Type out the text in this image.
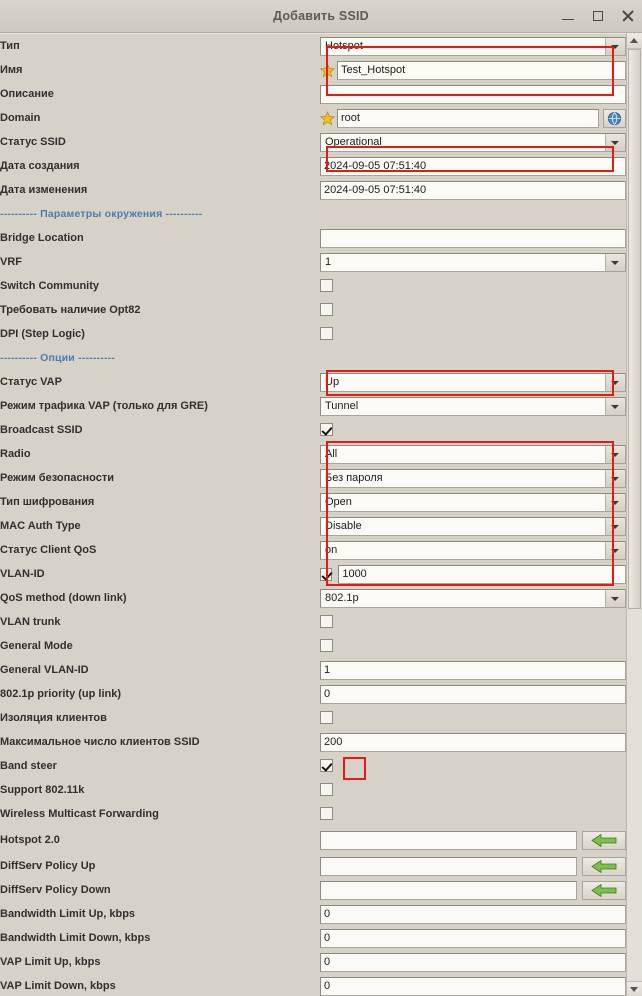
Добавить SSID
Тип	Hotspot

Имя	Test_Hotspot

Описание	

Domain	root

Статус SSID	Operational

Дата создания	2024-09-05 07:51:40

Дата изменения	2024-09-05 07:51:40

---------- Параметры окружения ----------	
Bridge Location	

VRF	1

Switch Community	
Требовать наличие Opt82	
DPI (Step Logic)	
---------- Опции ----------	
Статус VAP	Up

Режим трафика VAP (только для GRE)	Tunnel

Broadcast SSID	
Radio	All

Режим безопасности	Без пароля

Тип шифрования	Open

MAC Auth Type	Disable

Статус Client QoS	on

VLAN-ID	1000

QoS method (down link)	802.1p

VLAN trunk	
General Mode	
General VLAN-ID	1

802.1p priority (up link)	0

Изоляция клиентов	
Максимальное число клиентов SSID	200

Band steer	
Support 802.11k	
Wireless Multicast Forwarding	
Hotspot 2.0	

DiffServ Policy Up	

DiffServ Policy Down	

Bandwidth Limit Up, kbps	0

Bandwidth Limit Down, kbps	0

VAP Limit Up, kbps	0

VAP Limit Down, kbps	0
